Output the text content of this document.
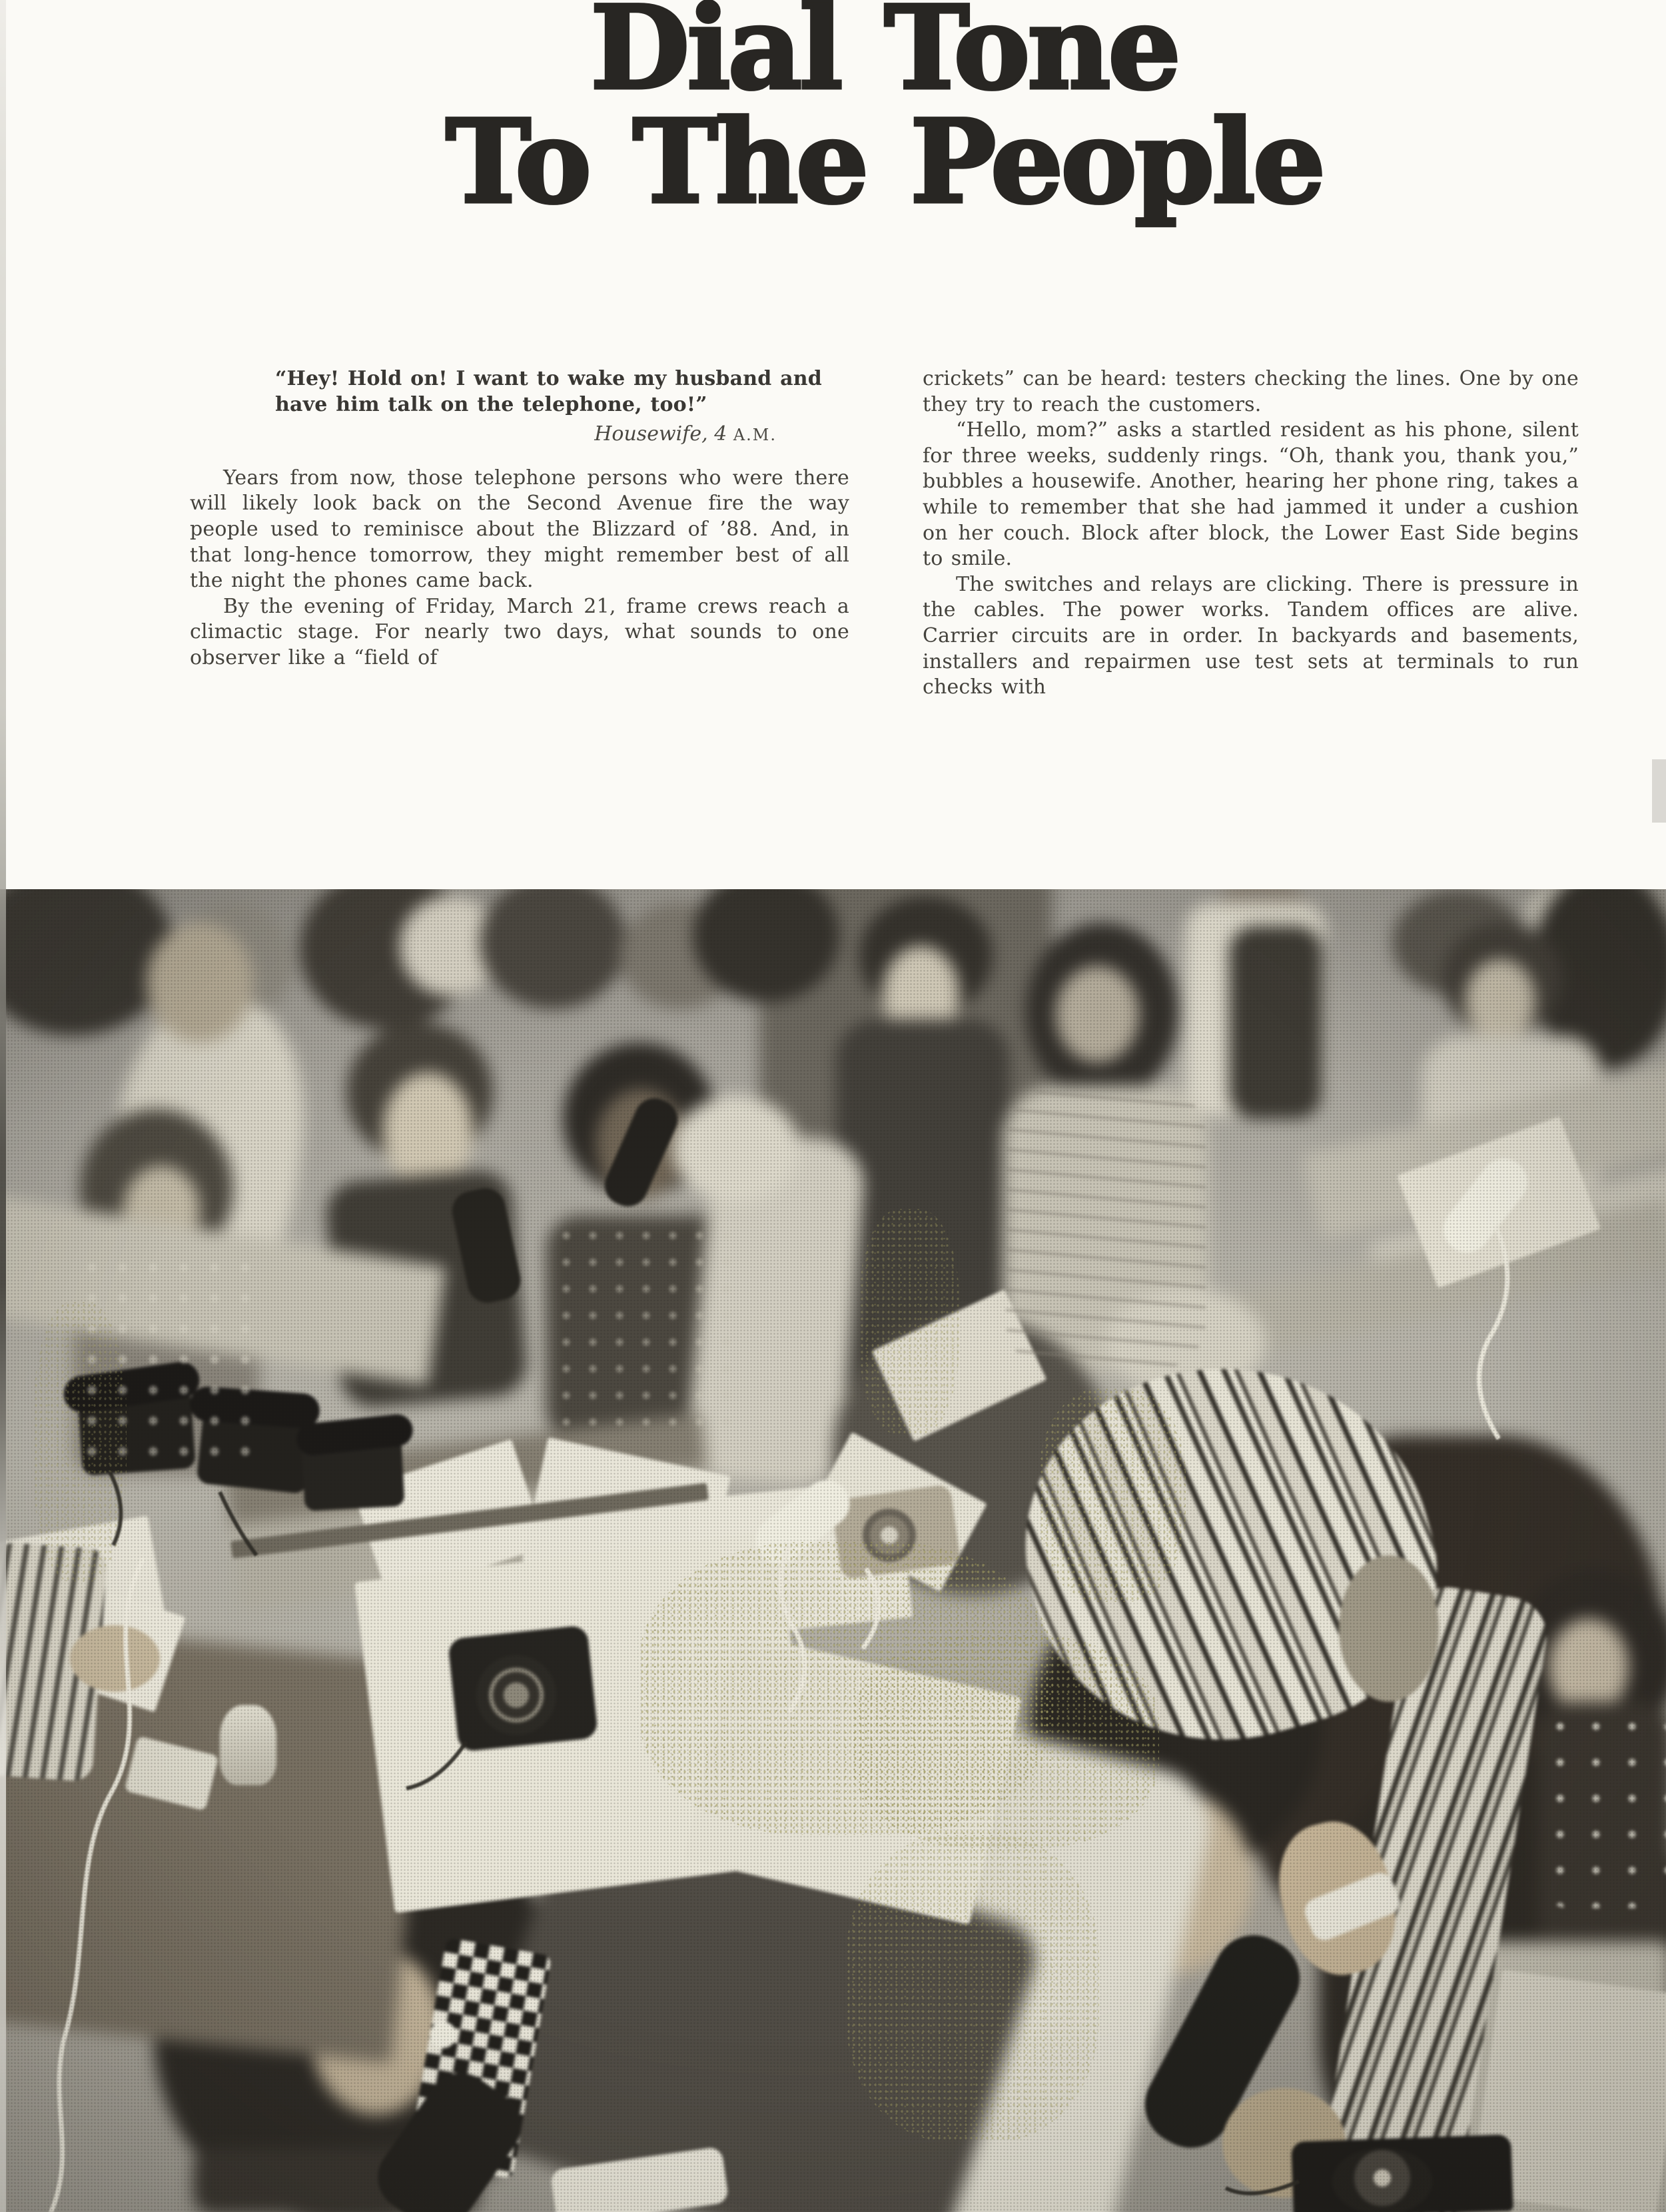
Dial Tone
To The People

“Hey! Hold on! I want to wake my husband and have him talk on the telephone, too!”

Housewife, 4 A.M.

Years from now, those telephone persons who were there will likely look back on the Second Avenue fire the way people used to reminisce about the Blizzard of ’88. And, in that long-hence tomorrow, they might remember best of all the night the phones came back.

By the evening of Friday, March 21, frame crews reach a climactic stage. For nearly two days, what sounds to one observer like a “field of

crickets” can be heard: testers checking the lines. One by one they try to reach the customers.

“Hello, mom?” asks a startled resident as his phone, silent for three weeks, suddenly rings. “Oh, thank you, thank you,” bubbles a housewife. Another, hearing her phone ring, takes a while to remember that she had jammed it under a cushion on her couch. Block after block, the Lower East Side begins to smile.

The switches and relays are clicking. There is pressure in the cables. The power works. Tandem offices are alive. Carrier circuits are in order. In backyards and basements, installers and repairmen use test sets at terminals to run checks with
